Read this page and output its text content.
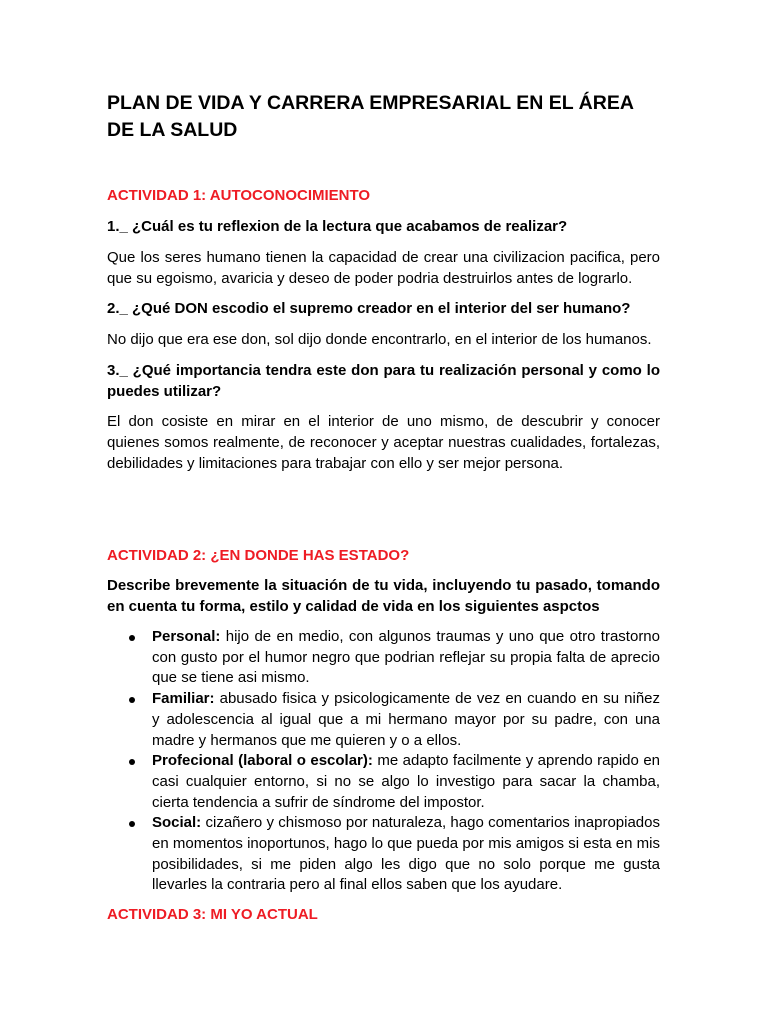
PLAN DE VIDA Y CARRERA EMPRESARIAL EN EL ÁREA DE LA SALUD
ACTIVIDAD 1: AUTOCONOCIMIENTO

1._ ¿Cuál es tu reflexion de la lectura que acabamos de realizar?

Que los seres humano tienen la capacidad de crear una civilizacion pacifica, pero que su egoismo, avaricia y deseo de poder podria destruirlos antes de lograrlo.

2._ ¿Qué DON escodio el supremo creador en el interior del ser humano?

No dijo que era ese don, sol dijo donde encontrarlo, en el interior de los humanos.

3._ ¿Qué importancia tendra este don para tu realización personal y como lo puedes utilizar?

El don cosiste en mirar en el interior de uno mismo, de descubrir y conocer quienes somos realmente, de reconocer y aceptar nuestras cualidades, fortalezas, debilidades y limitaciones para trabajar con ello y ser mejor persona.

ACTIVIDAD 2: ¿EN DONDE HAS ESTADO?

Describe brevemente la situación de tu vida, incluyendo tu pasado, tomando en cuenta tu forma, estilo y calidad de vida en los siguientes aspctos

Personal: hijo de en medio, con algunos traumas y uno que otro trastorno con gusto por el humor negro que podrian reflejar su propia falta de aprecio que se tiene asi mismo.
Familiar: abusado fisica y psicologicamente de vez en cuando en su niñez y adolescencia al igual que a mi hermano mayor por su padre, con una madre y hermanos que me quieren y o a ellos.
Profecional (laboral o escolar): me adapto facilmente y aprendo rapido en casi cualquier entorno, si no se algo lo investigo para sacar la chamba, cierta tendencia a sufrir de síndrome del impostor.
Social: cizañero y chismoso por naturaleza, hago comentarios inapropiados en momentos inoportunos, hago lo que pueda por mis amigos si esta en mis posibilidades, si me piden algo les digo que no solo porque me gusta llevarles la contraria pero al final ellos saben que los ayudare.
ACTIVIDAD 3: MI YO ACTUAL
